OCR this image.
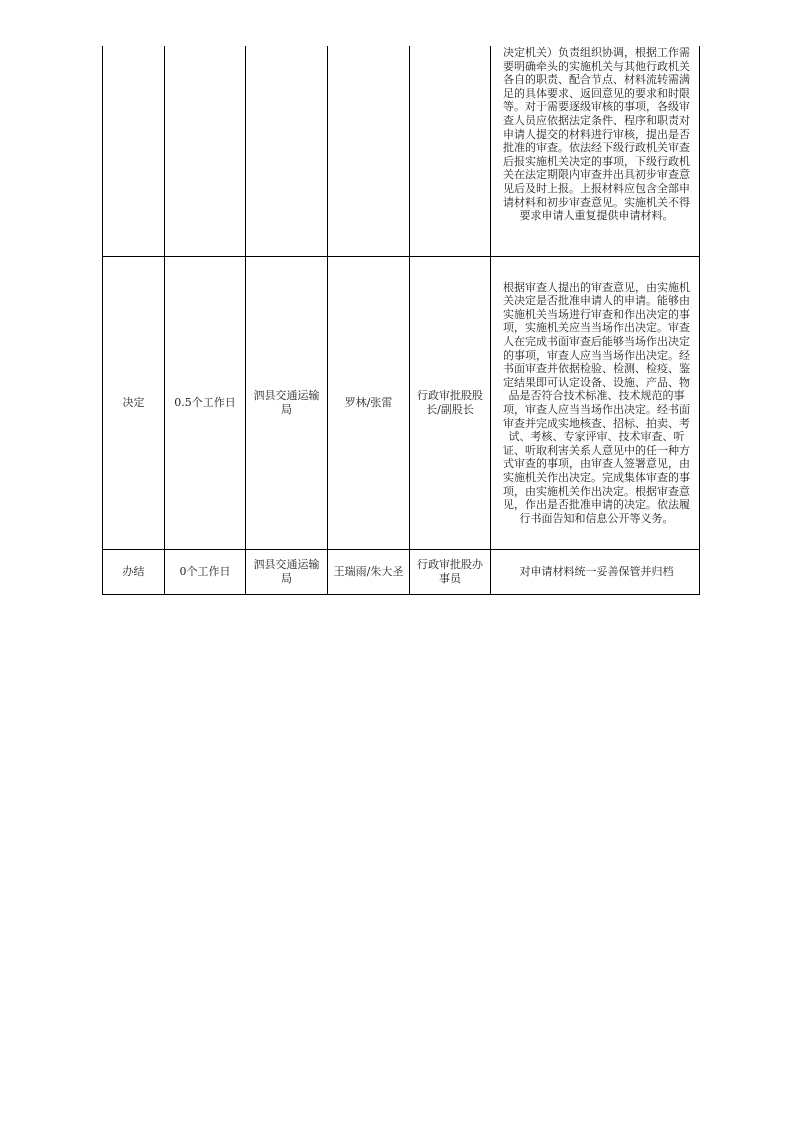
					决定机关）负责组织协调，根据工作需要明确牵头的实施机关与其他行政机关各自的职责、配合节点、材料流转需满足的具体要求、返回意见的要求和时限等。对于需要逐级审核的事项，各级审查人员应依据法定条件、程序和职责对申请人提交的材料进行审核，提出是否批准的审查。依法经下级行政机关审查后报实施机关决定的事项，下级行政机关在法定期限内审查并出具初步审查意见后及时上报。上报材料应包含全部申请材料和初步审查意见。实施机关不得要求申请人重复提供申请材料。
决定	0.5个工作日	泗县交通运输局	罗林/张雷	行政审批股股长/副股长	根据审查人提出的审查意见，由实施机关决定是否批准申请人的申请。能够由实施机关当场进行审查和作出决定的事项，实施机关应当当场作出决定。审查人在完成书面审查后能够当场作出决定的事项，审查人应当当场作出决定。经书面审查并依据检验、检测、检疫、鉴定结果即可认定设备、设施、产品、物品是否符合技术标准、技术规范的事项，审查人应当当场作出决定。经书面审查并完成实地核查、招标、拍卖、考试、考核、专家评审、技术审查、听证、听取利害关系人意见中的任一种方式审查的事项，由审查人签署意见，由实施机关作出决定。完成集体审查的事项，由实施机关作出决定。根据审查意见，作出是否批准申请的决定。依法履行书面告知和信息公开等义务。
办结	0个工作日	泗县交通运输局	王瑞雨/朱大圣	行政审批股办事员	对申请材料统一妥善保管并归档
